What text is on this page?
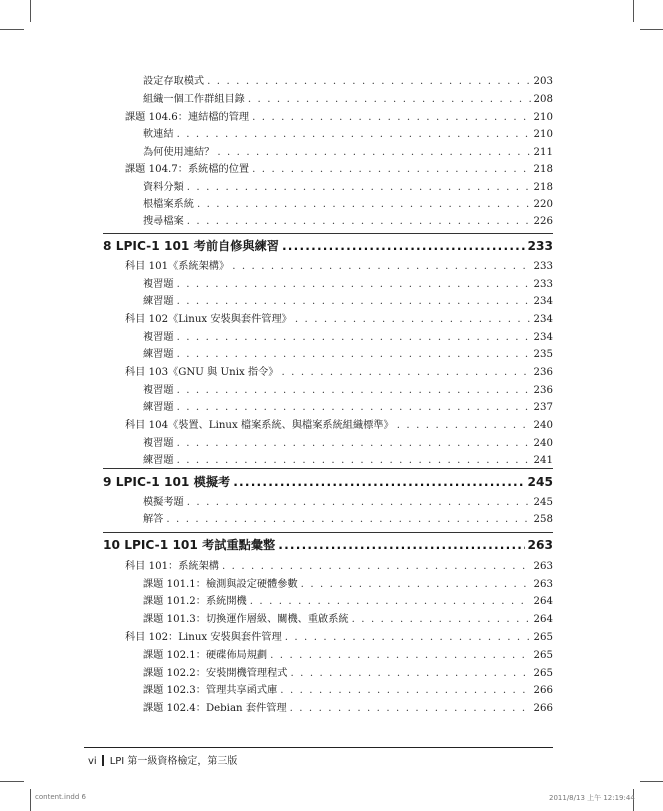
設定存取模式 . . .	203
組織一個工作群組目錄 . . .	208
課題 104.6：連結檔的管理 . . .	210
軟連結 . . .	210
為何使用連結？ . . .	211
課題 104.7：系統檔的位置 . . .	218
資料分類 . . .	218
根檔案系統 . . .	220
搜尋檔案 . . .	226
8 LPIC-1 101 考前自修與練習 .....	233
科目 101《系統架構》 . . .	233
複習題 . . .	233
練習題 . . .	234
科目 102《Linux 安裝與套件管理》 . . .	234
複習題 . . .	234
練習題 . . .	235
科目 103《GNU 與 Unix 指令》 . . .	236
複習題 . . .	236
練習題 . . .	237
科目 104《裝置、Linux 檔案系統、與檔案系統組織標準》 . . .	240
複習題 . . .	240
練習題 . . .	241
9 LPIC-1 101 模擬考 .....	245
模擬考題 . . .	245
解答 . . .	258
10 LPIC-1 101 考試重點彙整 .....	263
科目 101：系統架構 . . .	263
課題 101.1：檢測與設定硬體參數 . . .	263
課題 101.2：系統開機 . . .	264
課題 101.3：切換運作層級、關機、重啟系統 . . .	264
科目 102：Linux 安裝與套件管理 . . .	265
課題 102.1：硬碟佈局規劃 . . .	265
課題 102.2：安裝開機管理程式 . . .	265
課題 102.3：管理共享函式庫 . . .	266
課題 102.4：Debian 套件管理 . . .	266
vi LPI 第一級資格檢定，第三版
content.indd 6	2011/8/13 上午 12:19:44
